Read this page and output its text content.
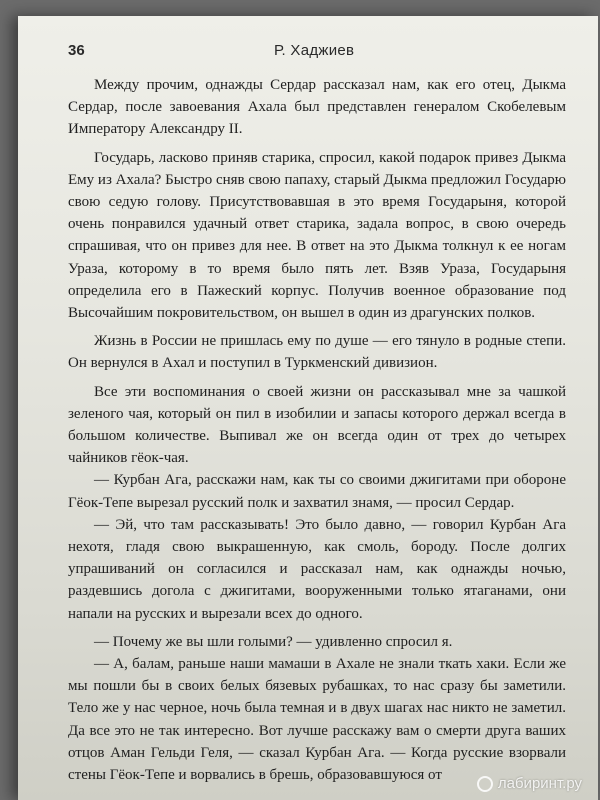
36	Р. Хаджиев

Между прочим, однажды Сердар рассказал нам, как его отец, Дыкма Сердар, после завоевания Ахала был представлен генералом Скобелевым Императору Александру II.

Государь, ласково приняв старика, спросил, какой подарок привез Дыкма Ему из Ахала? Быстро сняв свою папаху, старый Дыкма предложил Государю свою седую голову. Присутствовавшая в это время Государыня, которой очень понравился удачный ответ старика, задала вопрос, в свою очередь спрашивая, что он привез для нее. В ответ на это Дыкма толкнул к ее ногам Ураза, которому в то время было пять лет. Взяв Ураза, Государыня определила его в Пажеский корпус. Получив военное образование под Высочайшим покровительством, он вышел в один из драгунских полков.

Жизнь в России не пришлась ему по душе — его тянуло в родные степи. Он вернулся в Ахал и поступил в Туркменский дивизион.

Все эти воспоминания о своей жизни он рассказывал мне за чашкой зеленого чая, который он пил в изобилии и запасы которого держал всегда в большом количестве. Выпивал же он всегда один от трех до четырех чайников гёок-чая.

— Курбан Ага, расскажи нам, как ты со своими джигитами при обороне Гёок-Тепе вырезал русский полк и захватил знамя, — просил Сердар.

— Эй, что там рассказывать! Это было давно, — говорил Курбан Ага нехотя, гладя свою выкрашенную, как смоль, бороду. После долгих упрашиваний он согласился и рассказал нам, как однажды ночью, раздевшись догола с джигитами, вооруженными только ятаганами, они напали на русских и вырезали всех до одного.

— Почему же вы шли голыми? — удивленно спросил я.

— А, балам, раньше наши мамаши в Ахале не знали ткать хаки. Если же мы пошли бы в своих белых бязевых рубашках, то нас сразу бы заметили. Тело же у нас черное, ночь была темная и в двух шагах нас никто не заметил. Да все это не так интересно. Вот лучше расскажу вам о смерти друга ваших отцов Аман Гельди Геля, — сказал Курбан Ага. — Когда русские взорвали стены Гёок-Тепе и ворвались в брешь, образовавшуюся от	лабиринт.ру
